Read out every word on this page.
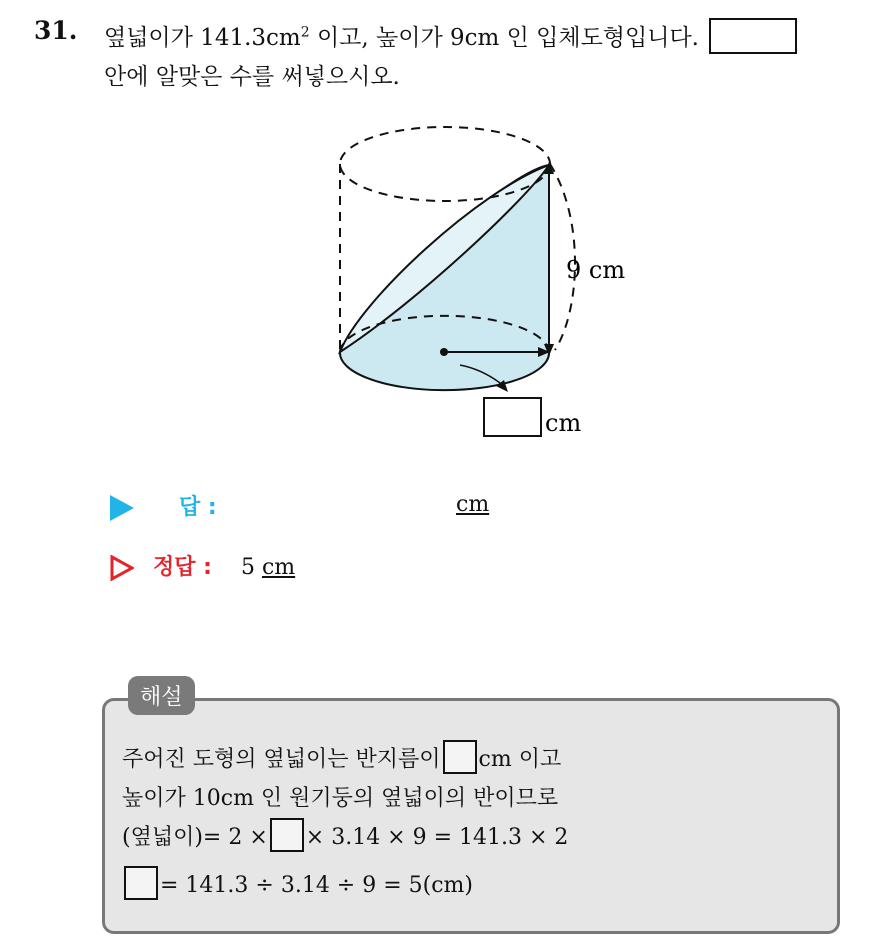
31. 옆넓이가 $141.3cm^2$ 이고, 높이가 9cm 인 입체도형입니다.
안에 알맞은 수를 써넣으시오.
9 cm
cm
답 :	cm
정답 : 5 cm
해설
주어진 도형의 옆넓이는 반지름이 cm 이고
높이가 10cm 인 원기둥의 옆넓이의 반이므로
(옆넓이)= 2 × × 3.14 × 9 = 141.3 × 2
= 141.3 ÷ 3.14 ÷ 9 = 5(cm)
